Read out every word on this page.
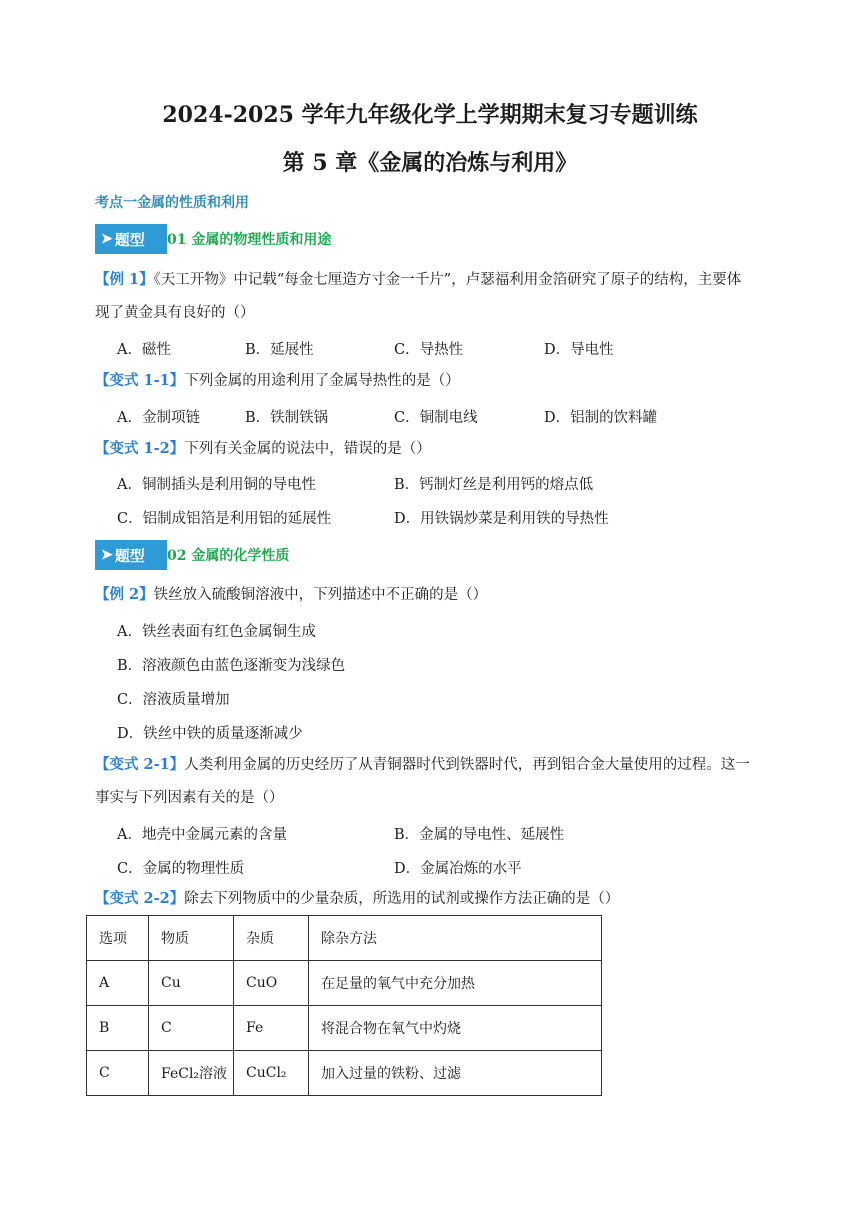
2024-2025 学年九年级化学上学期期末复习专题训练
第 5 章《金属的冶炼与利用》
考点一金属的性质和利用
➤ 题型 01 金属的物理性质和用途
【例 1】《天工开物》中记载“每金七厘造方寸金一千片”，卢瑟福利用金箔研究了原子的结构，主要体
现了黄金具有良好的（）
A．磁性	B．延展性	C．导热性	D．导电性
【变式 1-1】下列金属的用途利用了金属导热性的是（）
A．金制项链	B．铁制铁锅	C．铜制电线	D．铝制的饮料罐
【变式 1-2】下列有关金属的说法中，错误的是（）
A．铜制插头是利用铜的导电性	B．钙制灯丝是利用钙的熔点低
C．铝制成铝箔是利用铝的延展性	D．用铁锅炒菜是利用铁的导热性
➤ 题型 02 金属的化学性质
【例 2】铁丝放入硫酸铜溶液中，下列描述中不正确的是（）
A．铁丝表面有红色金属铜生成
B．溶液颜色由蓝色逐渐变为浅绿色
C．溶液质量增加
D．铁丝中铁的质量逐渐减少
【变式 2-1】人类利用金属的历史经历了从青铜器时代到铁器时代，再到铝合金大量使用的过程。这一
事实与下列因素有关的是（）
A．地壳中金属元素的含量	B．金属的导电性、延展性
C．金属的物理性质	D．金属冶炼的水平
【变式 2-2】除去下列物质中的少量杂质，所选用的试剂或操作方法正确的是（）
选项	物质	杂质	除杂方法
A	Cu	CuO	在足量的氧气中充分加热
B	C	Fe	将混合物在氧气中灼烧
C	FeCl₂溶液	CuCl₂	加入过量的铁粉、过滤
